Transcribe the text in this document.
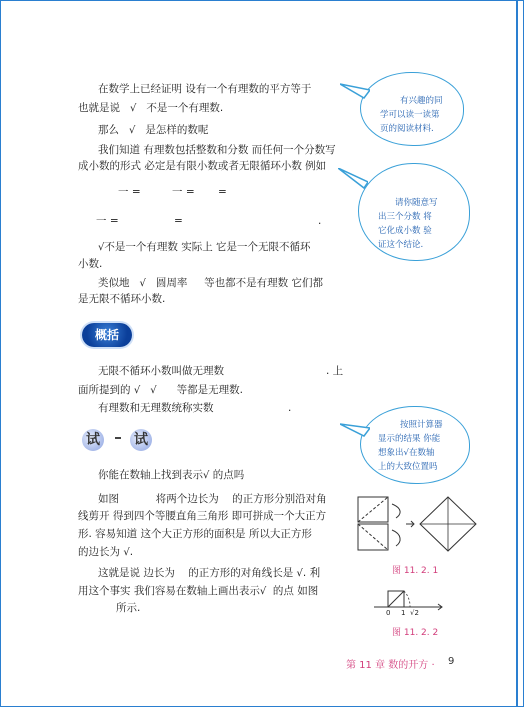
在数学上已经证明 设有一个有理数的平方等于
也就是说 √ 不是一个有理数.
那么 √ 是怎样的数呢
我们知道 有理数包括整数和分数 而任何一个分数写
成小数的形式 必定是有限小数或者无限循环小数 例如
一 =	一 = =
一 =	=	.
√不是一个有理数 实际上 它是一个无限不循环
小数.
类似地 √ 圆周率 等也都不是有理数 它们都
是无限不循环小数.
概括
无限不循环小数叫做无理数	. 上
面所提到的 √ √ 等都是无理数.
有理数和无理数统称实数	.
试 试
你能在数轴上找到表示√ 的点吗
如图	将两个边长为 的正方形分别沿对角
线剪开 得到四个等腰直角三角形 即可拼成一个大正方
形. 容易知道 这个大正方形的面积是 所以大正方形
的边长为 √.
这就是说 边长为 的正方形的对角线长是 √. 利
用这个事实 我们容易在数轴上画出表示√ 的点 如图
所示.
有兴趣的同
学可以读一读第
页的阅读材料.
请你随意写
出三个分数 将
它化成小数 验
证这个结论.
按照计算器
显示的结果 你能
想象出√在数轴
上的大致位置吗
图 11. 2. 1
0 1 √2
图 11. 2. 2
第 11 章 数的开方 · 9
